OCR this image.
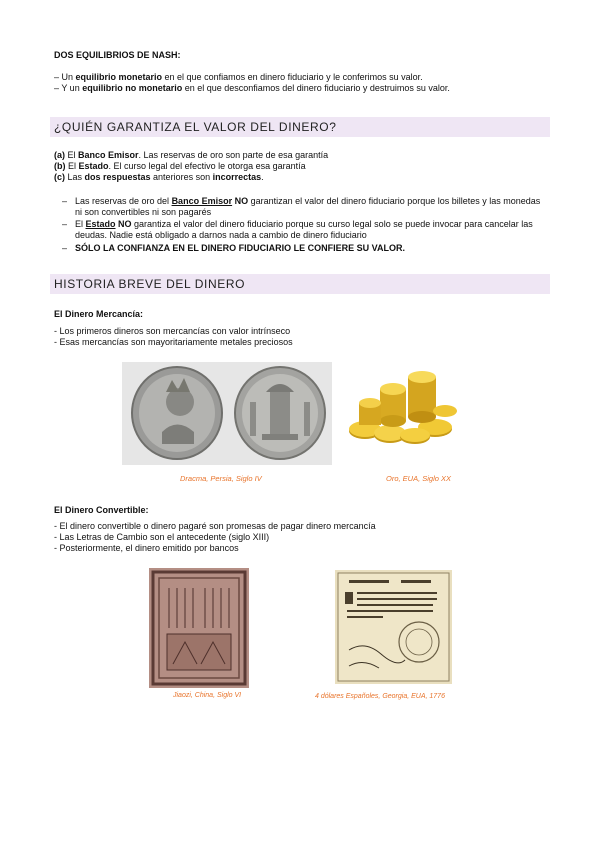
DOS EQUILIBRIOS DE NASH:

– Un equilibrio monetario en el que confiamos en dinero fiduciario y le conferimos su valor.

– Y un equilibrio no monetario en el que desconfiamos del dinero fiduciario y destruimos su valor.

¿QUIÉN GARANTIZA EL VALOR DEL DINERO?

(a) El Banco Emisor. Las reservas de oro son parte de esa garantía

(b) El Estado. El curso legal del efectivo le otorga esa garantía

(c) Las dos respuestas anteriores son incorrectas.

– Las reservas de oro del Banco Emisor NO garantizan el valor del dinero fiduciario porque los billetes y las monedas ni son convertibles ni son pagarés
– El Estado NO garantiza el valor del dinero fiduciario porque su curso legal solo se puede invocar para cancelar las deudas. Nadie está obligado a darnos nada a cambio de dinero fiduciario
– SÓLO LA CONFIANZA EN EL DINERO FIDUCIARIO LE CONFIERE SU VALOR.
HISTORIA BREVE DEL DINERO

El Dinero Mercancía:

- Los primeros dineros son mercancías con valor intrínseco

- Esas mercancías son mayoritariamente metales preciosos

Dracma, Persia, Siglo IV	Oro, EUA, Siglo XX

El Dinero Convertible:

- El dinero convertible o dinero pagaré son promesas de pagar dinero mercancía

- Las Letras de Cambio son el antecedente (siglo XIII)

- Posteriormente, el dinero emitido por bancos

Jiaozi, China, Siglo VI	4 dólares Españoles, Georgia, EUA, 1776
